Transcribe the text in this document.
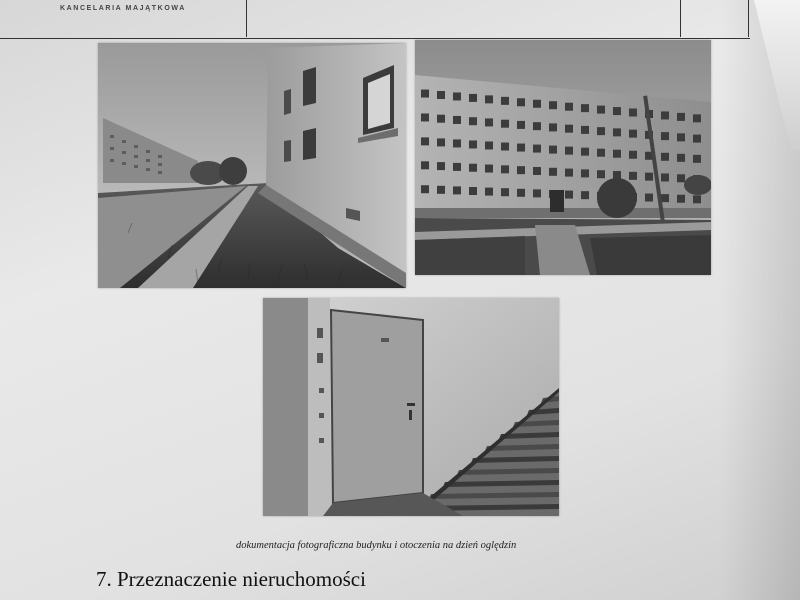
KANCELARIA MAJĄTKOWA
dokumentacja fotograficzna budynku i otoczenia na dzień oględzin
7. Przeznaczenie nieruchomości
